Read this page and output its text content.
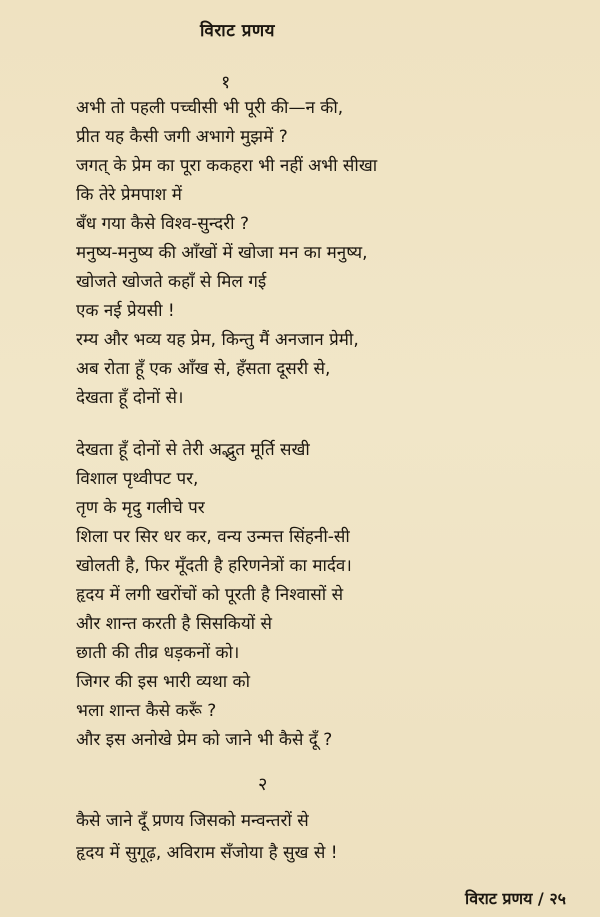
विराट प्रणय
१
अभी तो पहली पच्चीसी भी पूरी की—न की,
प्रीत यह कैसी जगी अभागे मुझमें ?
जगत् के प्रेम का पूरा ककहरा भी नहीं अभी सीखा
कि तेरे प्रेमपाश में
बँध गया कैसे विश्व-सुन्दरी ?
मनुष्य-मनुष्य की आँखों में खोजा मन का मनुष्य,
खोजते खोजते कहाँ से मिल गई
एक नई प्रेयसी !
रम्य और भव्य यह प्रेम, किन्तु मैं अनजान प्रेमी,
अब रोता हूँ एक आँख से, हँसता दूसरी से,
देखता हूँ दोनों से।
देखता हूँ दोनों से तेरी अद्भुत मूर्ति सखी
विशाल पृथ्वीपट पर,
तृण के मृदु गलीचे पर
शिला पर सिर धर कर, वन्य उन्मत्त सिंहनी-सी
खोलती है, फिर मूँदती है हरिणनेत्रों का मार्दव।
हृदय में लगी खरोंचों को पूरती है निश्वासों से
और शान्त करती है सिसकियों से
छाती की तीव्र धड़कनों को।
जिगर की इस भारी व्यथा को
भला शान्त कैसे करूँ ?
और इस अनोखे प्रेम को जाने भी कैसे दूँ ?
२
कैसे जाने दूँ प्रणय जिसको मन्वन्तरों से
हृदय में सुगूढ़, अविराम सँजोया है सुख से !
विराट प्रणय / २५
